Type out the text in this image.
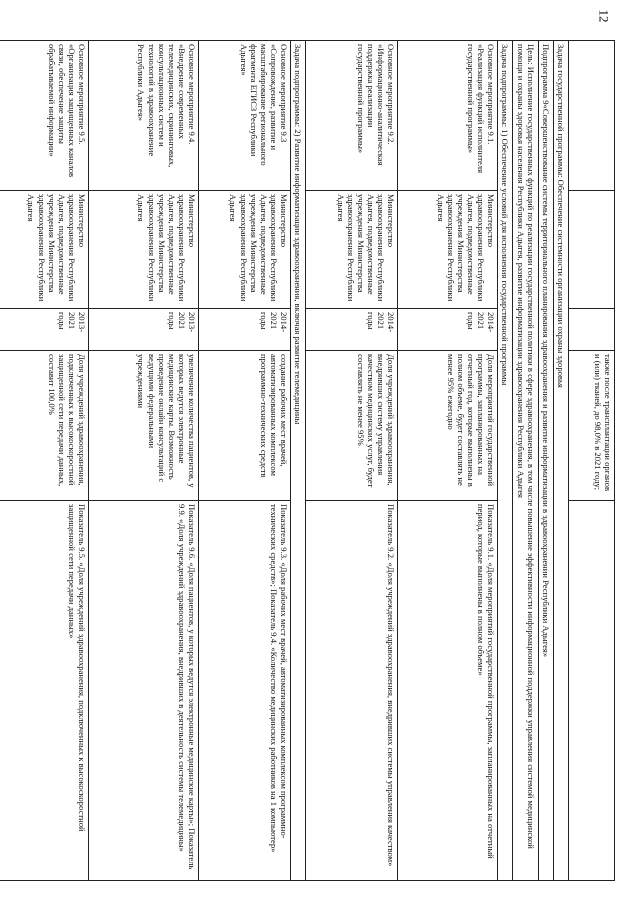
12
			также после трансплантации органов и (или) тканей, до 98,0% в 2021 году;	
Задача государственной программы: Обеспечение системности организации охраны здоровья				
Подпрограмма 9«Совершенствование системы территориального планирования здравоохранения и развитие информатизации в здравоохранении Республики Адыгея»				
Цель: Исполнение государственных функций по реализации государственной политики в сфере здравоохранения, в том числе повышение эффективности информационной поддержки управления системой медицинской помощи и охраны здоровья населения Республики Адыгея, развитие информатизации здравоохранения Республики Адыгея				
Задача подпрограммы: 1) Обеспечение условий для исполнения государственной программы				
Основное мероприятие 9.1. «Реализация функций исполнителя государственной программы»	Министерство здравоохранения Республики Адыгея, подведомственные учреждения Министерства здравоохранения Республики Адыгея	2014-2021 годы	Доля мероприятий государственной программы, запланированных на отчетный год, которые выполнены в полном объеме, будет составлять не менее 95% ежегодно	Показатель 9.1. «Доля мероприятий государственной программы, запланированных на отчетный период, которые выполнены в полном объеме»
Основное мероприятие 9.2. «Информационно-аналитическая поддержка реализации государственной программы»	Министерство здравоохранения Республики Адыгея, подведомственные учреждения Министерства здравоохранения Республики Адыгея	2014-2021 годы	Доля учреждений здравоохранения, внедривших систему управления качеством медицинских услуг, будет составлять не менее 95%	Показатель 9.2. «Доля учреждений здравоохранения, внедривших системы управления качеством»
Задача подпрограммы: 2) Развитие информатизации здравоохранения, включая развитие телемедицины				
Основное мероприятие 9.3 «Сопровождение, развитие и масштабирование регионального фрагмента ЕГИСЗ Республики Адыгея»	Министерство здравоохранения Республики Адыгея, подведомственные учреждения Министерства здравоохранения Республики Адыгея	2014-2021 годы	создание рабочих мест врачей, автоматизированных комплексом программно-технических средств	Показатель 9.3. «Доля рабочих мест врачей, автоматизированных комплексом программно-технических средств»; Показатель 9.4. «Количество медицинских работников на 1 компьютер»
Основное мероприятие 9.4. «Внедрение современных телемедицинских, скрининговых, консультационных систем и технологий в здравоохранение Республики Адыгея»	Министерство здравоохранения Республики Адыгея, подведомственные учреждения Министерства здравоохранения Республики Адыгея	2013-2021 годы	увеличение количества пациентов, у которых ведутся электронные медицинские карты. Возможность проведение онлайн консультаций с ведущими федеральными учреждениями	Показатель 9.6. «Доля пациентов, у которых ведутся электронные медицинские карты»; Показатель 9.9. «Доля учреждений здравоохранения, внедривших в деятельность системы телемедицины»
Основное мероприятие 9.5. «Организация защищенных каналов связи, обеспечение защиты обрабатываемой информации»	Министерство здравоохранения Республики Адыгея, подведомственные учреждения Министерства здравоохранения Республики Адыгея	2013-2021 годы	Доля учреждений здравоохранения, подключенных к высокоскоростной защищенной сети передачи данных, составит 100,0%	Показатель 9.5. «Доля учреждений здравоохранения, подключенных к высокоскоростной защищенной сети передачи данных»
